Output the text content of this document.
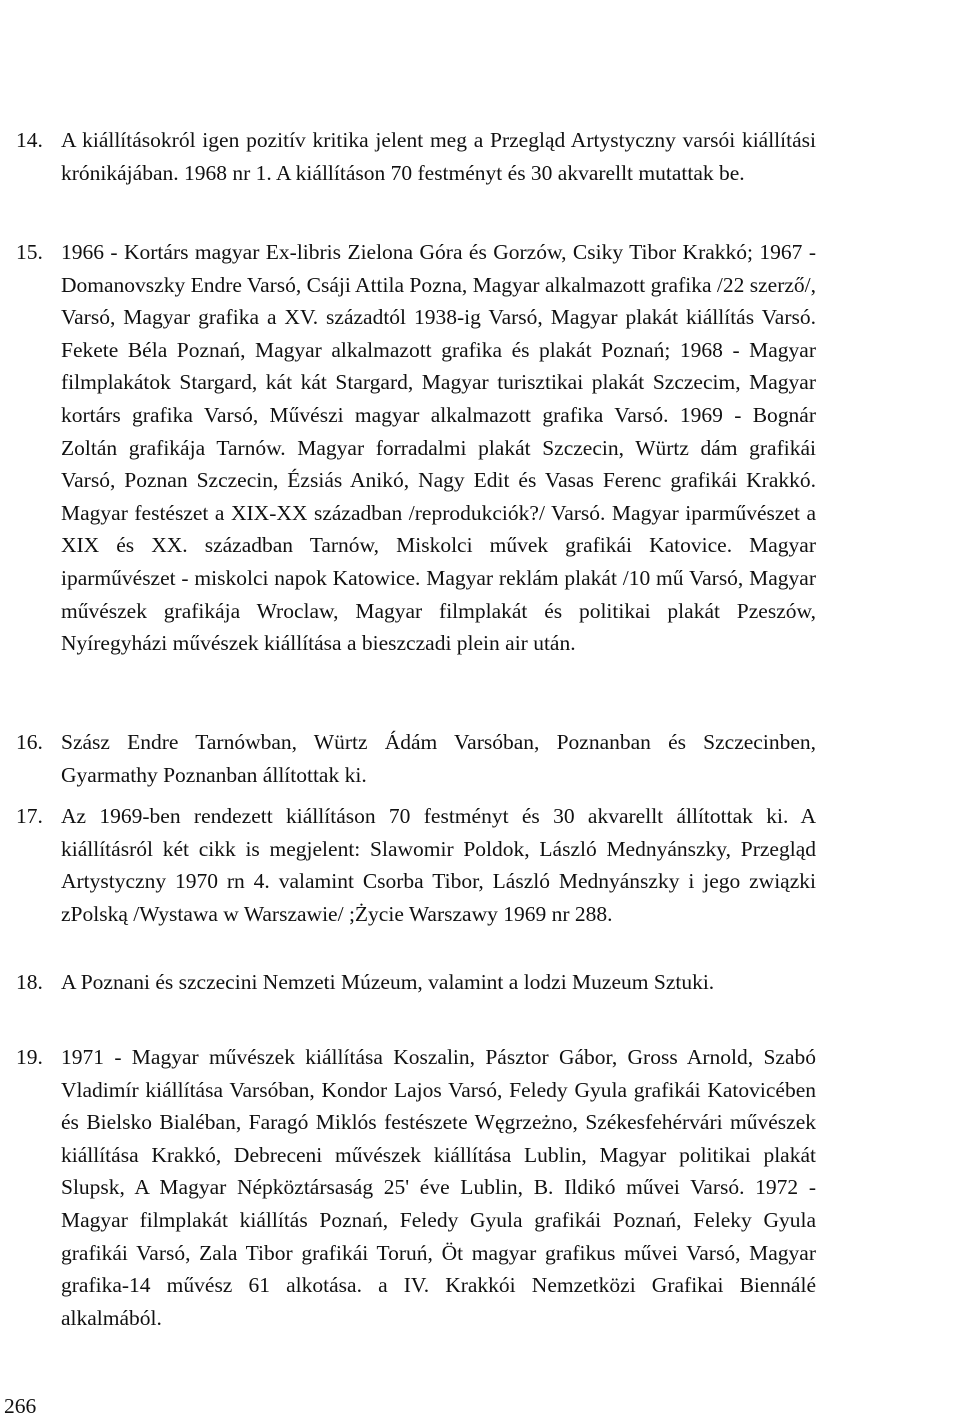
14. A kiállításokról igen pozitív kritika jelent meg a Przegląd Artystyczny varsói kiállítási krónikájában. 1968 nr 1. A kiállításon 70 festményt és 30 akvarellt mutattak be.
15. 1966 - Kortárs magyar Ex-libris Zielona Góra és Gorzów, Csiky Tibor Krakkó; 1967 - Domanovszky Endre Varsó, Csáji Attila Pozna, Magyar alkalmazott grafika /22 szerző/, Varsó, Magyar grafika a XV. századtól 1938-ig Varsó, Magyar plakát kiállítás Varsó. Fekete Béla Poznań, Magyar alkalmazott grafika és plakát Poznań; 1968 - Magyar filmplakátok Stargard, kát kát Stargard, Magyar turisztikai plakát Szczecim, Magyar kortárs grafika Varsó, Művészi magyar alkalmazott grafika Varsó. 1969 - Bognár Zoltán grafikája Tarnów. Magyar forradalmi plakát Szczecin, Würtz dám grafikái Varsó, Poznan Szczecin, Ézsiás Anikó, Nagy Edit és Vasas Ferenc grafikái Krakkó. Magyar festészet a XIX-XX században /reprodukciók?/ Varsó. Magyar iparművészet a XIX és XX. században Tarnów, Miskolci művek grafikái Katovice. Magyar iparművészet - miskolci napok Katowice. Magyar reklám plakát /10 mű Varsó, Magyar művészek grafikája Wroclaw, Magyar filmplakát és politikai plakát Pzeszów, Nyíregyházi művészek kiállítása a bieszczadi plein air után.
16. Szász Endre Tarnówban, Würtz Ádám Varsóban, Poznanban és Szczecinben, Gyarmathy Poznanban állítottak ki.
17. Az 1969-ben rendezett kiállításon 70 festményt és 30 akvarellt állítottak ki. A kiállításról két cikk is megjelent: Slawomir Poldok, László Mednyánszky, Przegląd Artystyczny 1970 rn 4. valamint Csorba Tibor, László Mednyánszky i jego związki zPolską /Wystawa w Warszawie/ ;Życie Warszawy 1969 nr 288.
18. A Poznani és szczecini Nemzeti Múzeum, valamint a lodzi Muzeum Sztuki.
19. 1971 - Magyar művészek kiállítása Koszalin, Pásztor Gábor, Gross Arnold, Szabó Vladimír kiállítása Varsóban, Kondor Lajos Varsó, Feledy Gyula grafikái Katovicében és Bielsko Bialéban, Faragó Miklós festészete Węgrzeżno, Székesfehérvári művészek kiállítása Krakkó, Debreceni művészek kiállítása Lublin, Magyar politikai plakát Slupsk, A Magyar Népköztársaság 25' éve Lublin, B. Ildikó művei Varsó. 1972 - Magyar filmplakát kiállítás Poznań, Feledy Gyula grafikái Poznań, Feleky Gyula grafikái Varsó, Zala Tibor grafikái Toruń, Öt magyar grafikus művei Varsó, Magyar grafika-14 művész 61 alkotása. a IV. Krakkói Nemzetközi Grafikai Biennálé alkalmából.
266
